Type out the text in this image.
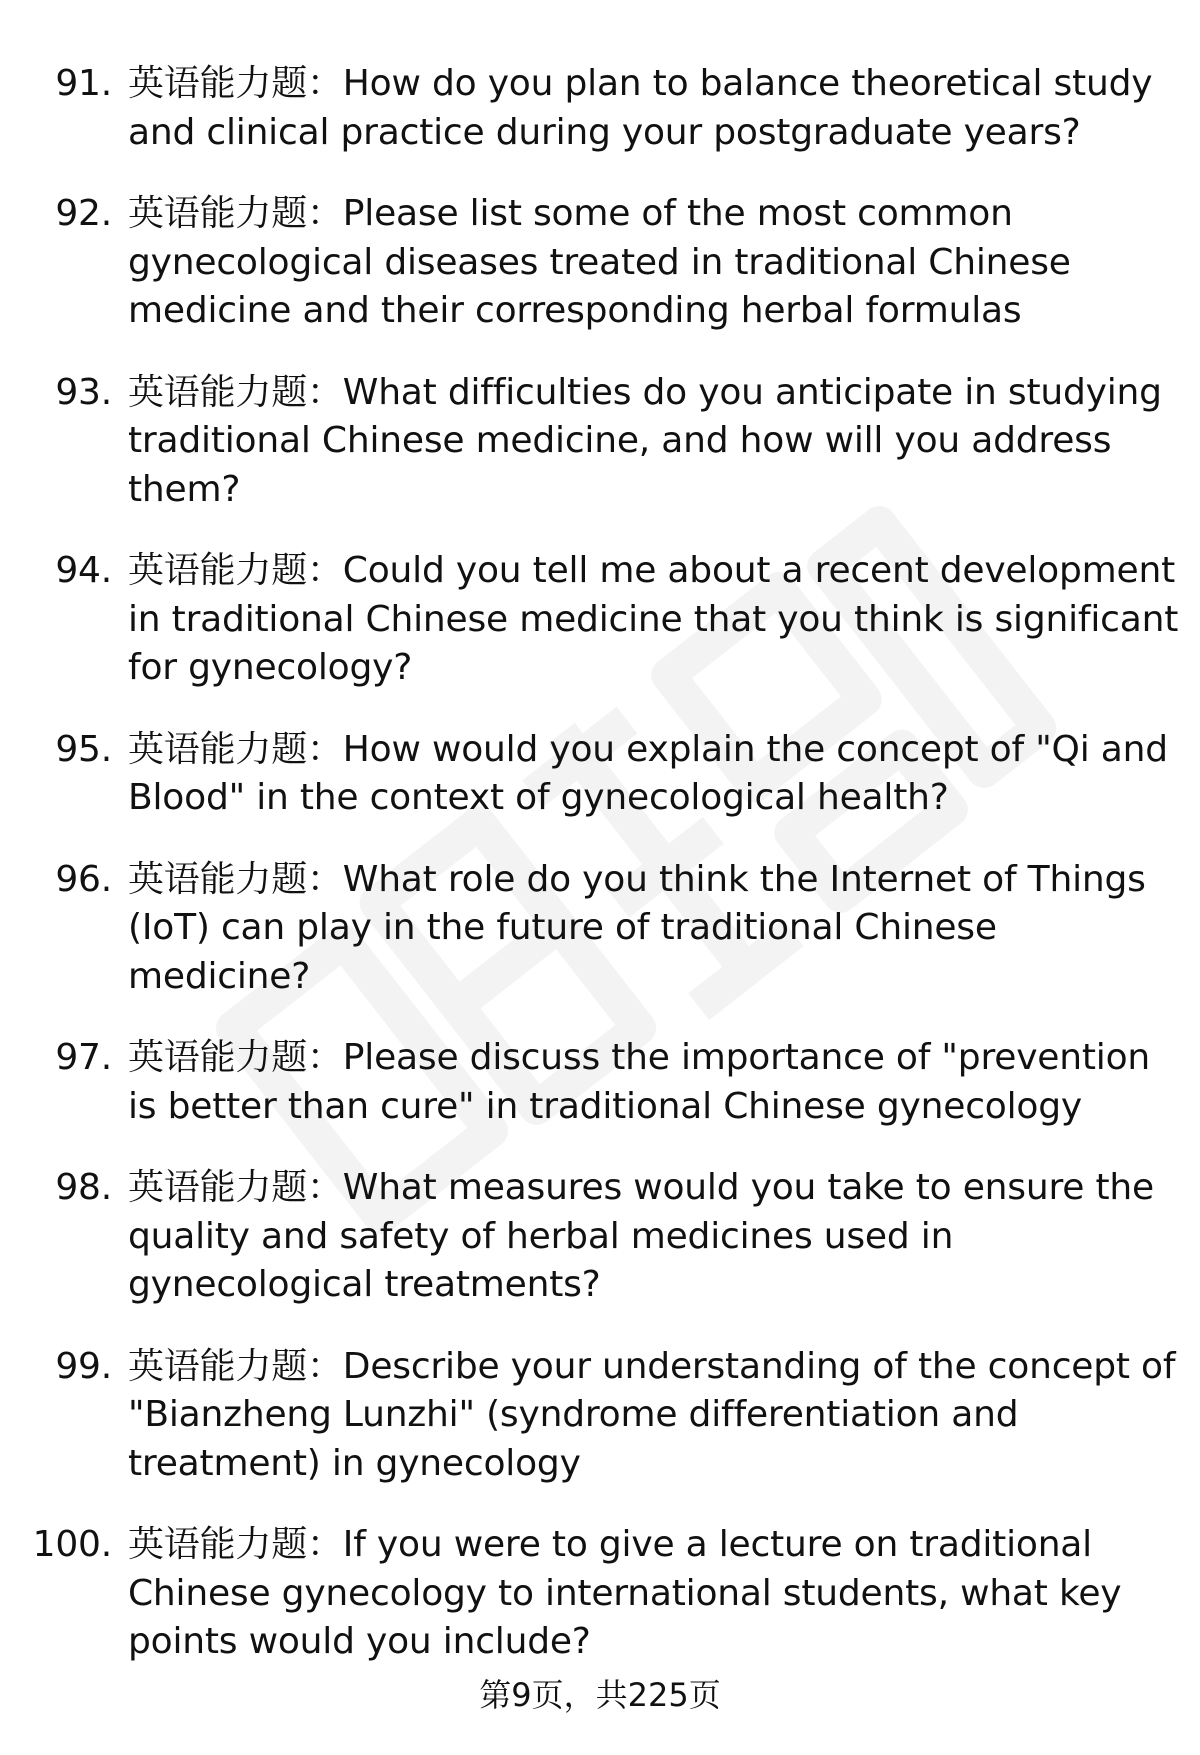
91. 英语能力题：How do you plan to balance theoretical study and clinical practice during your postgraduate years?
92. 英语能力题：Please list some of the most common gynecological diseases treated in traditional Chinese medicine and their corresponding herbal formulas
93. 英语能力题：What difficulties do you anticipate in studying traditional Chinese medicine, and how will you address them?
94. 英语能力题：Could you tell me about a recent development in traditional Chinese medicine that you think is significant for gynecology?
95. 英语能力题：How would you explain the concept of "Qi and Blood" in the context of gynecological health?
96. 英语能力题：What role do you think the Internet of Things (IoT) can play in the future of traditional Chinese medicine?
97. 英语能力题：Please discuss the importance of "prevention is better than cure" in traditional Chinese gynecology
98. 英语能力题：What measures would you take to ensure the quality and safety of herbal medicines used in gynecological treatments?
99. 英语能力题：Describe your understanding of the concept of "Bianzheng Lunzhi" (syndrome differentiation and treatment) in gynecology
100. 英语能力题：If you were to give a lecture on traditional Chinese gynecology to international students, what key points would you include?
第9页，共225页
